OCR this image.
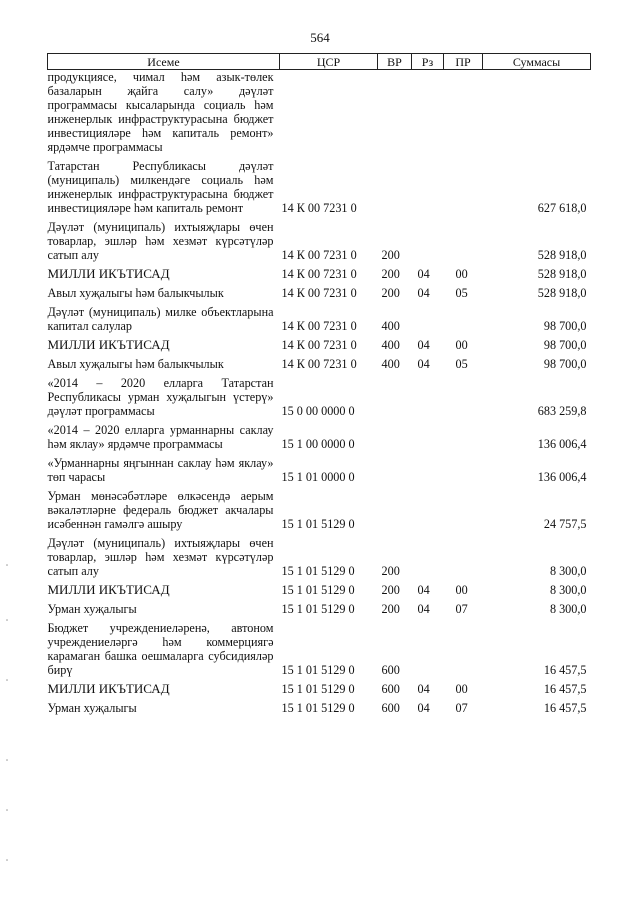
564
Исеме	ЦСР	ВР	Рз	ПР	Суммасы
продукциясе, чимал һәм азык-төлек базаларын җайга салу» дәүләт программасы кысаларында социаль һәм инженерлык инфраструктурасына бюджет инвестицияләре һәм капиталь ремонт» ярдәмче программасы					
Татарстан Республикасы дәүләт (муниципаль) милкендәге социаль һәм инженерлык инфраструктурасына бюджет инвестицияләре һәм капиталь ремонт	14 К 00 7231 0				627 618,0
Дәүләт (муниципаль) ихтыяҗлары өчен товарлар, эшләр һәм хезмәт күрсәтүләр сатып алу	14 К 00 7231 0	200			528 918,0
МИЛЛИ ИКЪТИСАД	14 К 00 7231 0	200	04	00	528 918,0
Авыл хуҗалыгы һәм балыкчылык	14 К 00 7231 0	200	04	05	528 918,0
Дәүләт (муниципаль) милке объектларына капитал салулар	14 К 00 7231 0	400			98 700,0
МИЛЛИ ИКЪТИСАД	14 К 00 7231 0	400	04	00	98 700,0
Авыл хуҗалыгы һәм балыкчылык	14 К 00 7231 0	400	04	05	98 700,0
«2014 – 2020 елларга Татарстан Республикасы урман хуҗалыгын үстерү» дәүләт программасы	15 0 00 0000 0				683 259,8
«2014 – 2020 елларга урманнарны саклау һәм яклау» ярдәмче программасы	15 1 00 0000 0				136 006,4
«Урманнарны яңгыннан саклау һәм яклау» төп чарасы	15 1 01 0000 0				136 006,4
Урман мөнәсәбәтләре өлкәсендә аерым вәкаләтләрне федераль бюджет акчалары исәбеннән гамәлгә ашыру	15 1 01 5129 0				24 757,5
Дәүләт (муниципаль) ихтыяҗлары өчен товарлар, эшләр һәм хезмәт күрсәтүләр сатып алу	15 1 01 5129 0	200			8 300,0
МИЛЛИ ИКЪТИСАД	15 1 01 5129 0	200	04	00	8 300,0
Урман хуҗалыгы	15 1 01 5129 0	200	04	07	8 300,0
Бюджет учреждениеләренә, автоном учреждениеләргә һәм коммерциягә карамаган башка оешмаларга субсидияләр бирү	15 1 01 5129 0	600			16 457,5
МИЛЛИ ИКЪТИСАД	15 1 01 5129 0	600	04	00	16 457,5
Урман хуҗалыгы	15 1 01 5129 0	600	04	07	16 457,5
